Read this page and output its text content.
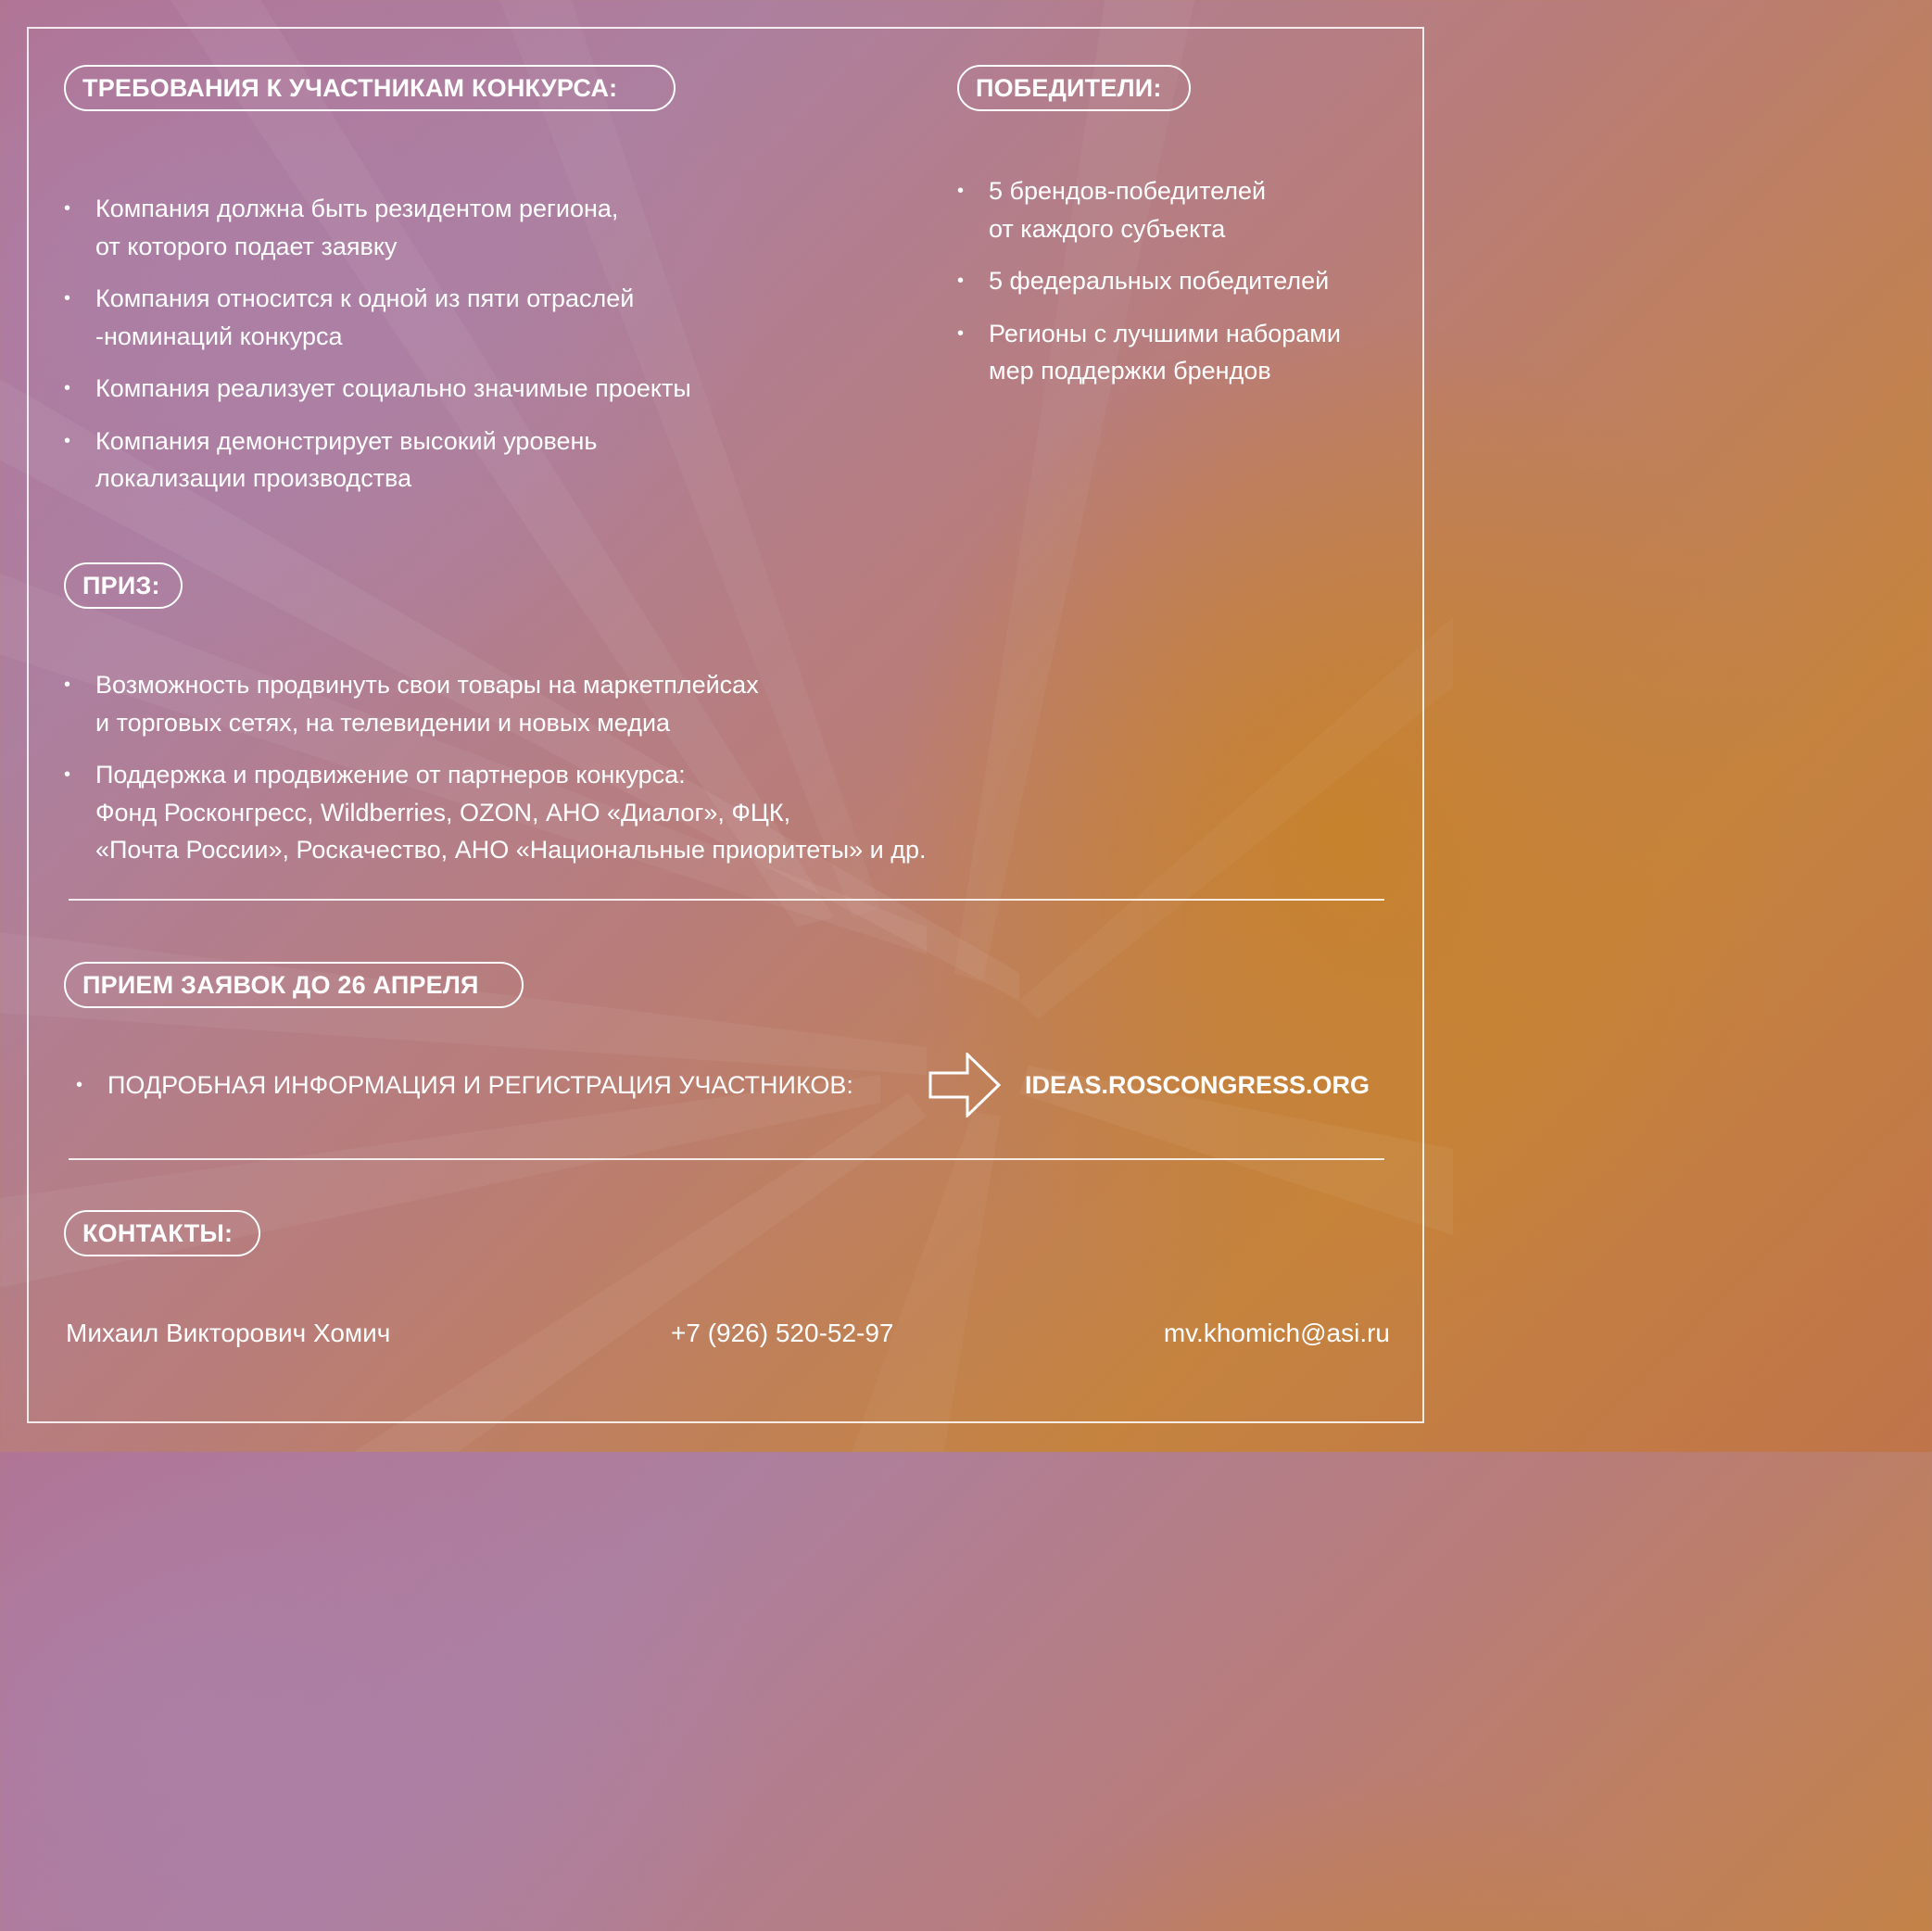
ТРЕБОВАНИЯ К УЧАСТНИКАМ КОНКУРСА:
• Компания должна быть резидентом региона,
от которого подает заявку
• Компания относится к одной из пяти отраслей
-номинаций конкурса
• Компания реализует социально значимые проекты
• Компания демонстрирует высокий уровень
локализации производства
ПОБЕДИТЕЛИ:
• 5 брендов-победителей
от каждого субъекта
• 5 федеральных победителей
• Регионы с лучшими наборами
мер поддержки брендов
ПРИЗ:
• Возможность продвинуть свои товары на маркетплейсах
и торговых сетях, на телевидении и новых медиа
• Поддержка и продвижение от партнеров конкурса:
Фонд Росконгресс, Wildberries, OZON, АНО «Диалог», ФЦК,
«Почта России», Роскачество, АНО «Национальные приоритеты» и др.
ПРИЕМ ЗАЯВОК ДО 26 АПРЕЛЯ
• ПОДРОБНАЯ ИНФОРМАЦИЯ И РЕГИСТРАЦИЯ УЧАСТНИКОВ:	IDEAS.ROSCONGRESS.ORG
КОНТАКТЫ:
Михаил Викторович Хомич	+7 (926) 520-52-97	mv.khomich@asi.ru
